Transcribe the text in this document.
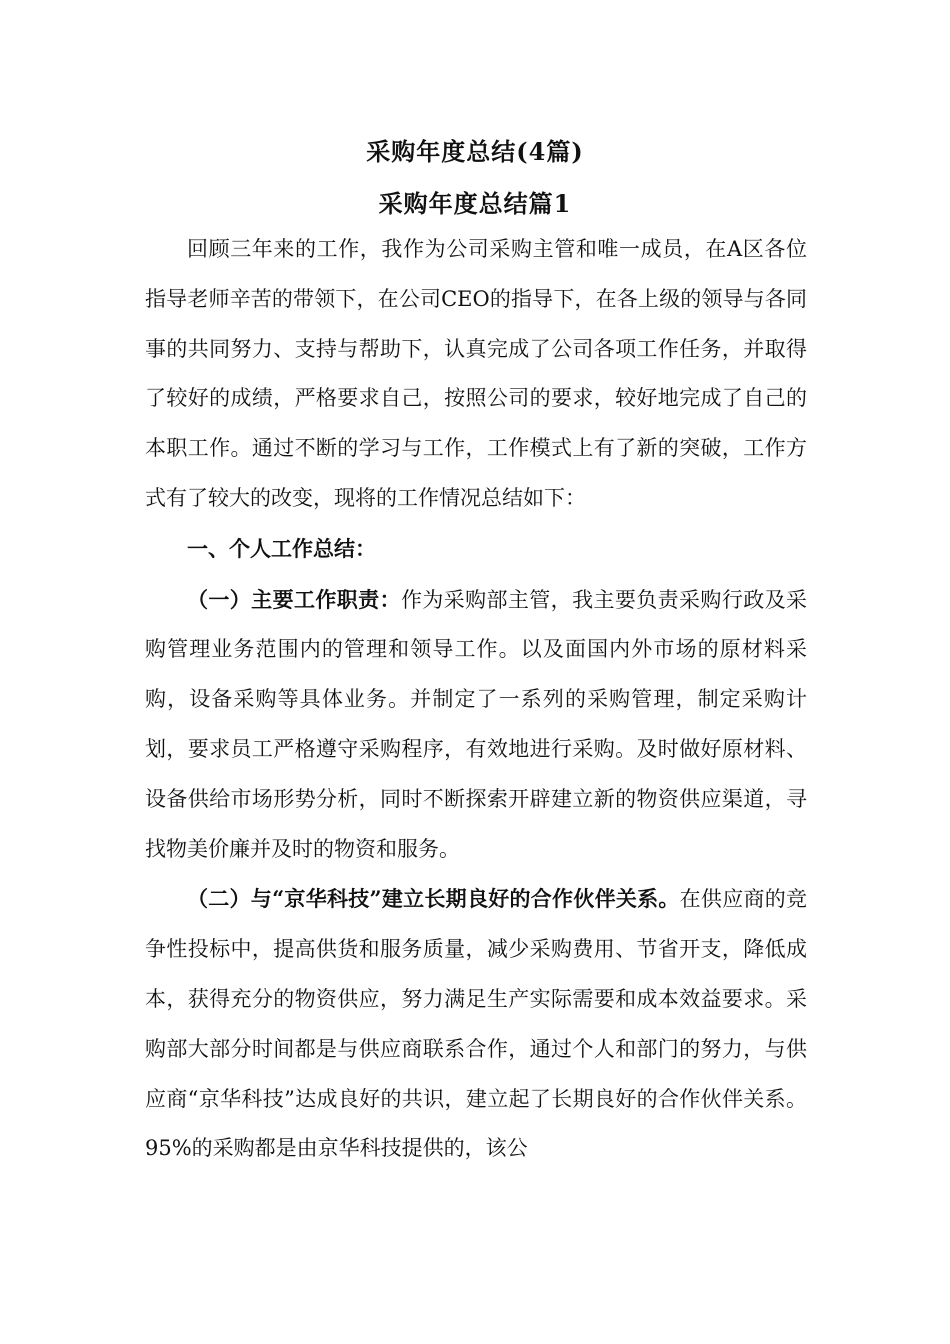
采购年度总结(4篇)
采购年度总结篇1

回顾三年来的工作，我作为公司采购主管和唯一成员，在A区各位指导老师辛苦的带领下，在公司CEO的指导下，在各上级的领导与各同事的共同努力、支持与帮助下，认真完成了公司各项工作任务，并取得了较好的成绩，严格要求自己，按照公司的要求，较好地完成了自己的本职工作。通过不断的学习与工作，工作模式上有了新的突破，工作方式有了较大的改变，现将的工作情况总结如下：

一、个人工作总结：

（一）主要工作职责：作为采购部主管，我主要负责采购行政及采购管理业务范围内的管理和领导工作。以及面国内外市场的原材料采购，设备采购等具体业务。并制定了一系列的采购管理，制定采购计划，要求员工严格遵守采购程序，有效地进行采购。及时做好原材料、设备供给市场形势分析，同时不断探索开辟建立新的物资供应渠道，寻找物美价廉并及时的物资和服务。

（二）与“京华科技”建立长期良好的合作伙伴关系。在供应商的竞争性投标中，提高供货和服务质量，减少采购费用、节省开支，降低成本，获得充分的物资供应，努力满足生产实际需要和成本效益要求。采购部大部分时间都是与供应商联系合作，通过个人和部门的努力，与供应商“京华科技”达成良好的共识，建立起了长期良好的合作伙伴关系。95%的采购都是由京华科技提供的，该公
